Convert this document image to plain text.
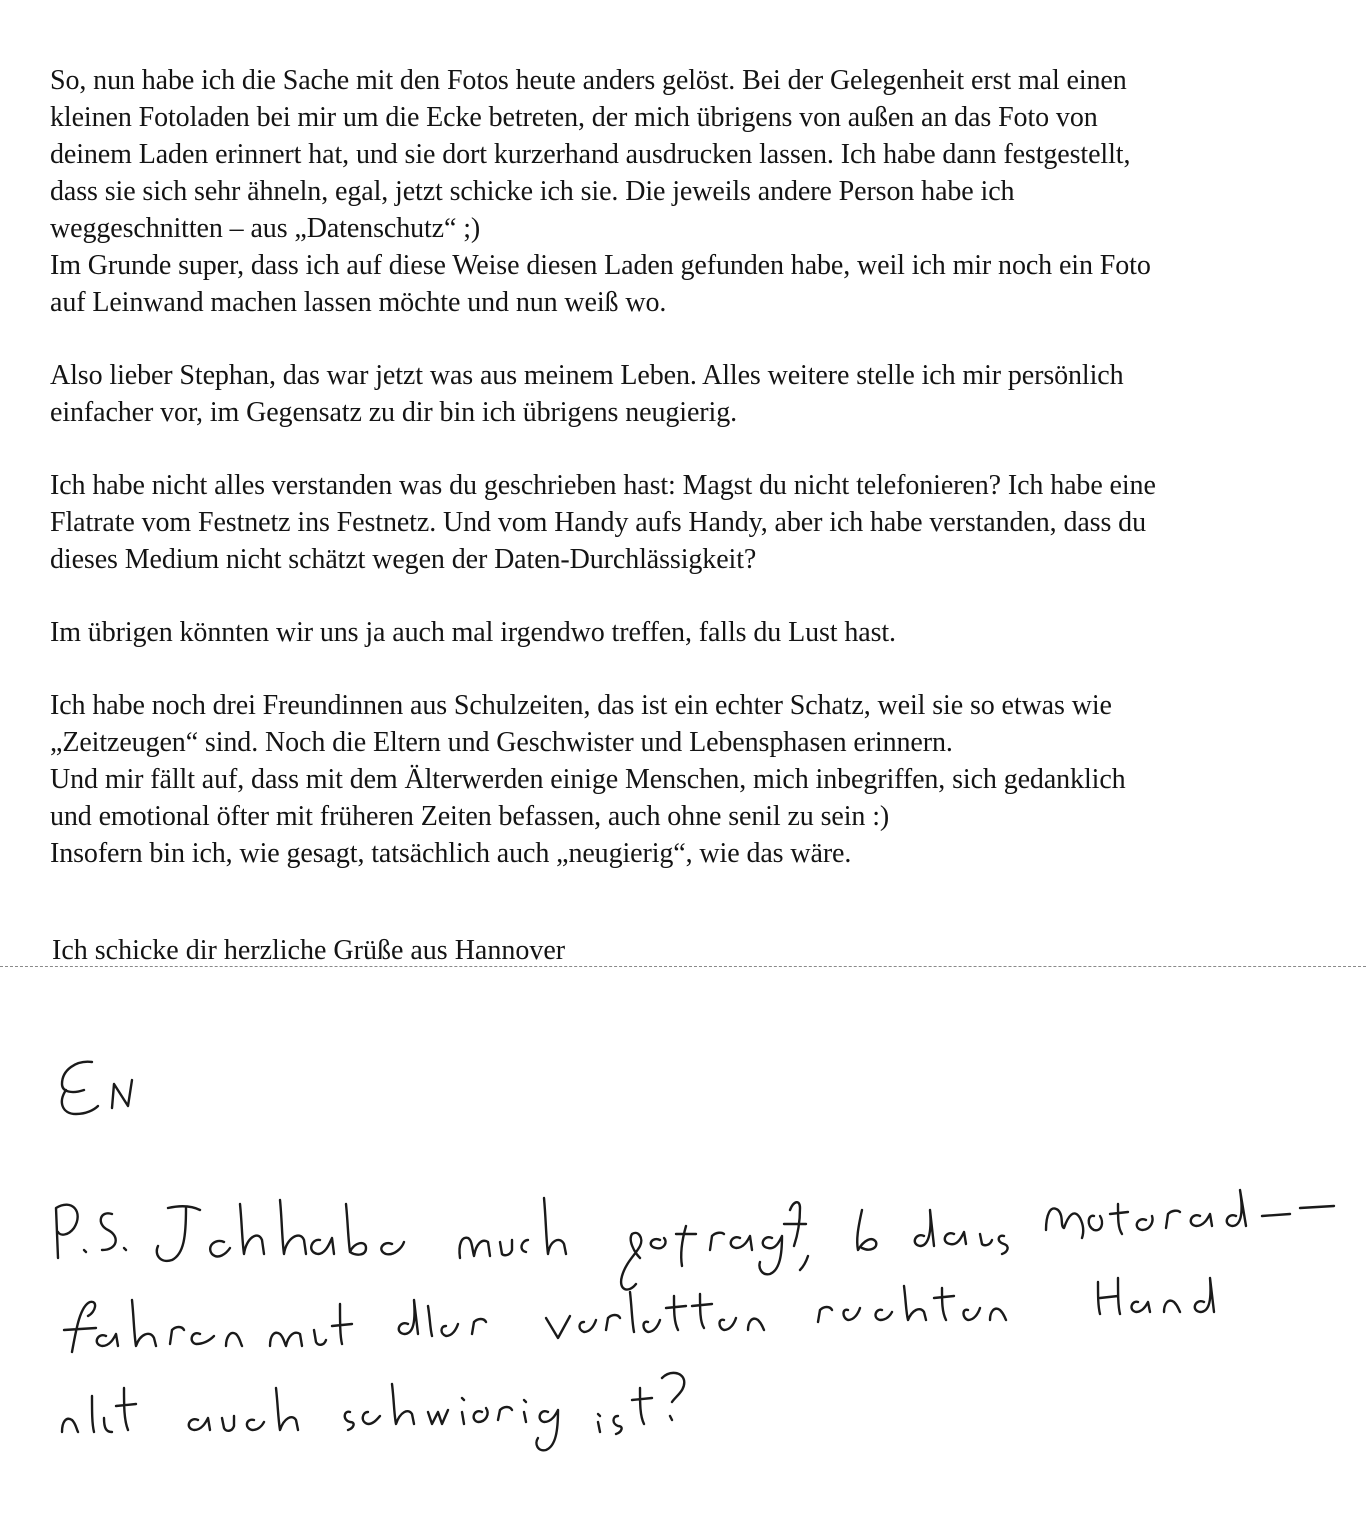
So, nun habe ich die Sache mit den Fotos heute anders gelöst. Bei der Gelegenheit erst mal einen
kleinen Fotoladen bei mir um die Ecke betreten, der mich übrigens von außen an das Foto von
deinem Laden erinnert hat, und sie dort kurzerhand ausdrucken lassen. Ich habe dann festgestellt,
dass sie sich sehr ähneln, egal, jetzt schicke ich sie. Die jeweils andere Person habe ich
weggeschnitten – aus „Datenschutz“ ;)
Im Grunde super, dass ich auf diese Weise diesen Laden gefunden habe, weil ich mir noch ein Foto
auf Leinwand machen lassen möchte und nun weiß wo.

Also lieber Stephan, das war jetzt was aus meinem Leben. Alles weitere stelle ich mir persönlich
einfacher vor, im Gegensatz zu dir bin ich übrigens neugierig.

Ich habe nicht alles verstanden was du geschrieben hast: Magst du nicht telefonieren? Ich habe eine
Flatrate vom Festnetz ins Festnetz. Und vom Handy aufs Handy, aber ich habe verstanden, dass du
dieses Medium nicht schätzt wegen der Daten-Durchlässigkeit?

Im übrigen könnten wir uns ja auch mal irgendwo treffen, falls du Lust hast.

Ich habe noch drei Freundinnen aus Schulzeiten, das ist ein echter Schatz, weil sie so etwas wie
„Zeitzeugen“ sind. Noch die Eltern und Geschwister und Lebensphasen erinnern.
Und mir fällt auf, dass mit dem Älterwerden einige Menschen, mich inbegriffen, sich gedanklich
und emotional öfter mit früheren Zeiten befassen, auch ohne senil zu sein :)
Insofern bin ich, wie gesagt, tatsächlich auch „neugierig“, wie das wäre.

Ich schicke dir herzliche Grüße aus Hannover
